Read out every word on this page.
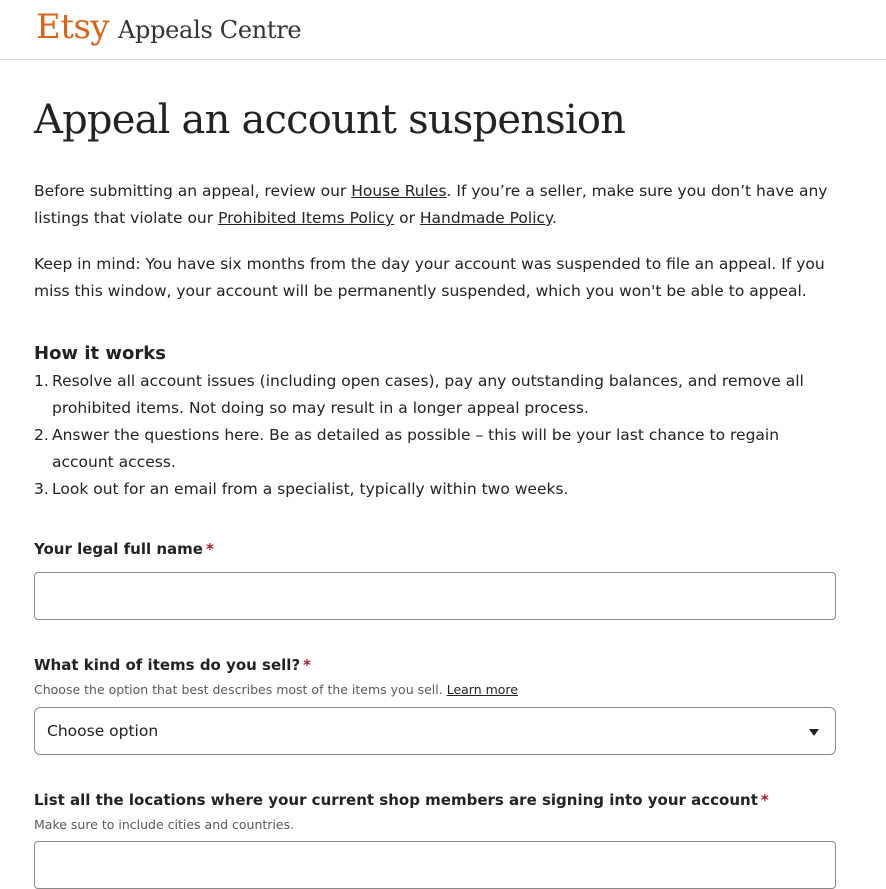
Etsy Appeals Centre
Appeal an account suspension

Before submitting an appeal, review our House Rules. If you’re a seller, make sure you don’t have any listings that violate our Prohibited Items Policy or Handmade Policy.

Keep in mind: You have six months from the day your account was suspended to file an appeal. If you miss this window, your account will be permanently suspended, which you won't be able to appeal.

How it works
1. Resolve all account issues (including open cases), pay any outstanding balances, and remove all prohibited items. Not doing so may result in a longer appeal process.
2. Answer the questions here. Be as detailed as possible – this will be your last chance to regain account access.
3. Look out for an email from a specialist, typically within two weeks.
Your legal full name *
What kind of items do you sell? *

Choose the option that best describes most of the items you sell. Learn more

Choose option
List all the locations where your current shop members are signing into your account *

Make sure to include cities and countries.
